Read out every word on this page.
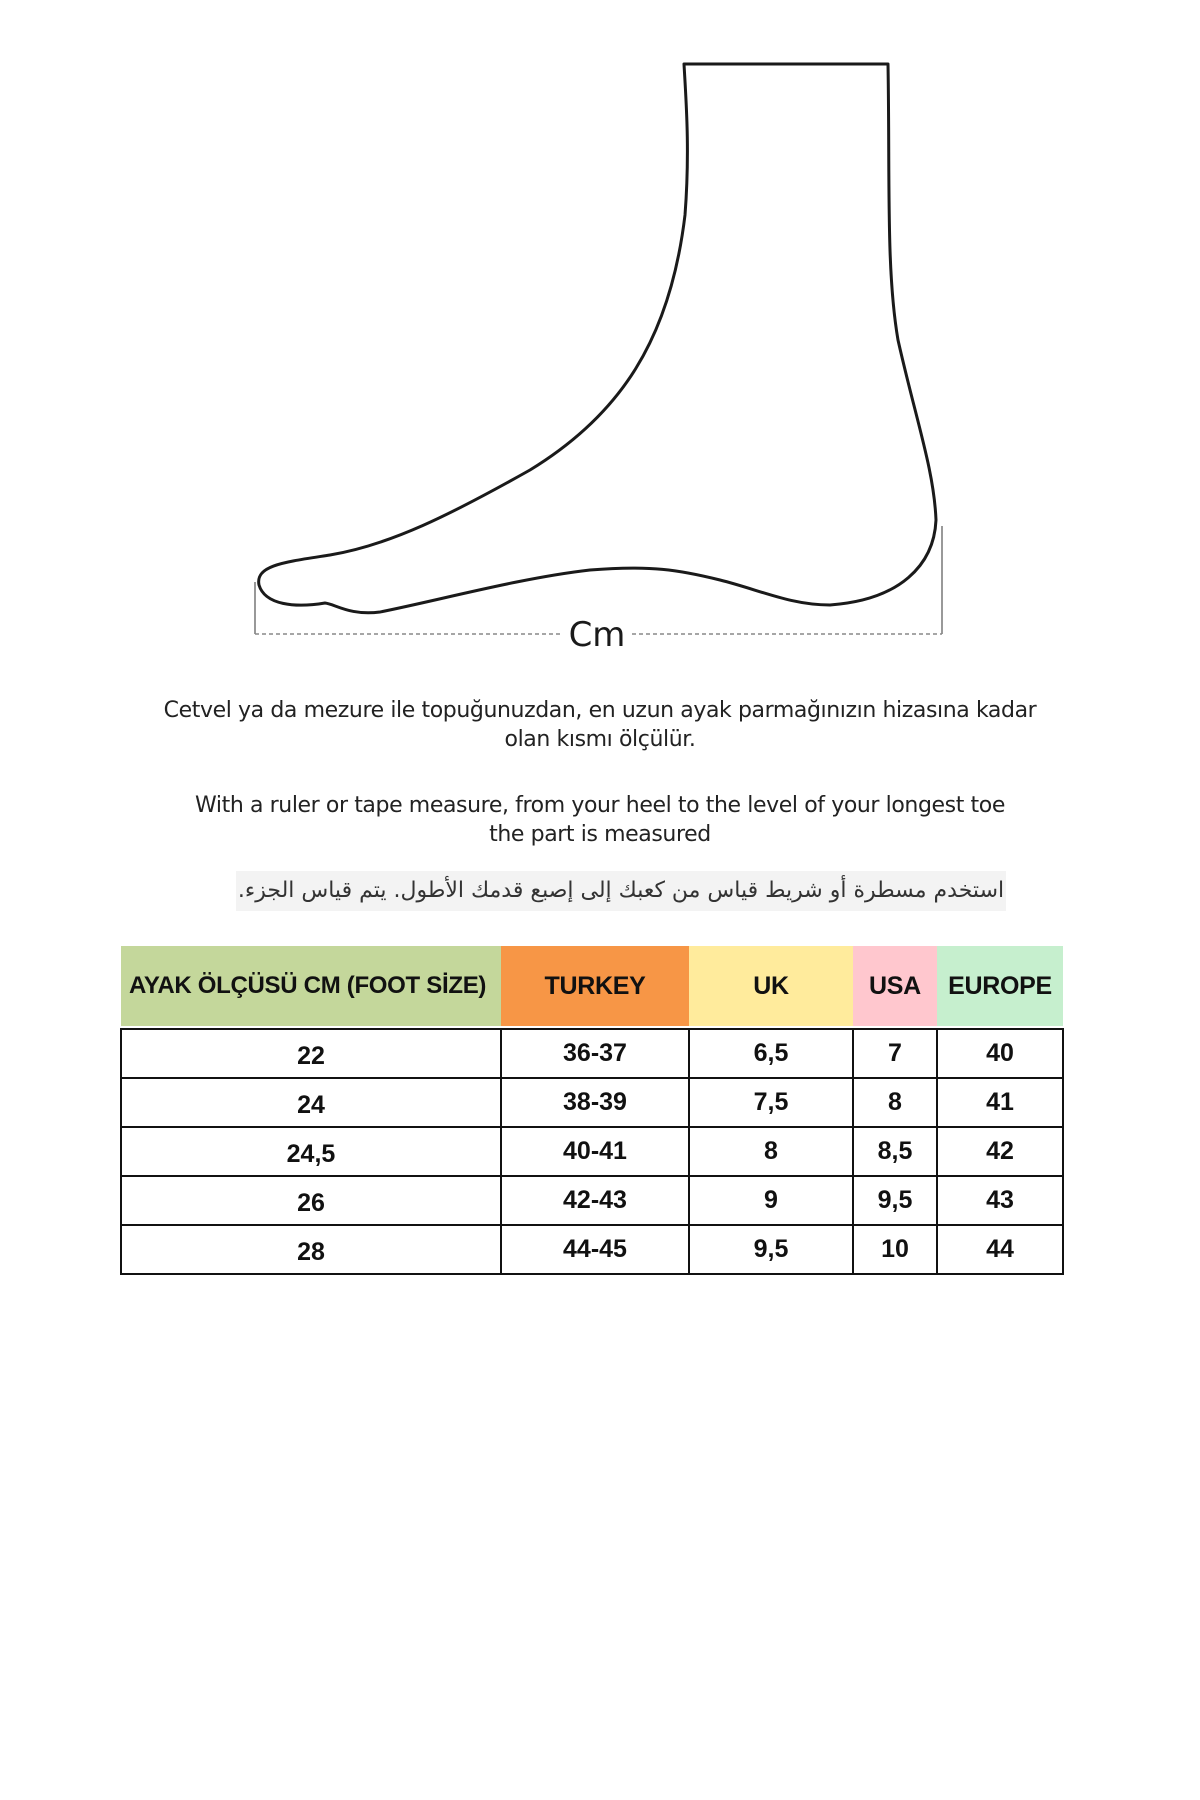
Cm
Cetvel ya da mezure ile topuğunuzdan, en uzun ayak parmağınızın hizasına kadar
olan kısmı ölçülür.
With a ruler or tape measure, from your heel to the level of your longest toe
the part is measured
استخدم مسطرة أو شريط قياس من كعبك إلى إصبع قدمك الأطول. يتم قياس الجزء.
AYAK ÖLÇÜSÜ CM (FOOT SİZE)	TURKEY	UK	USA	EUROPE

22	36-37	6,5	7	40
24	38-39	7,5	8	41
24,5	40-41	8	8,5	42
26	42-43	9	9,5	43
28	44-45	9,5	10	44
